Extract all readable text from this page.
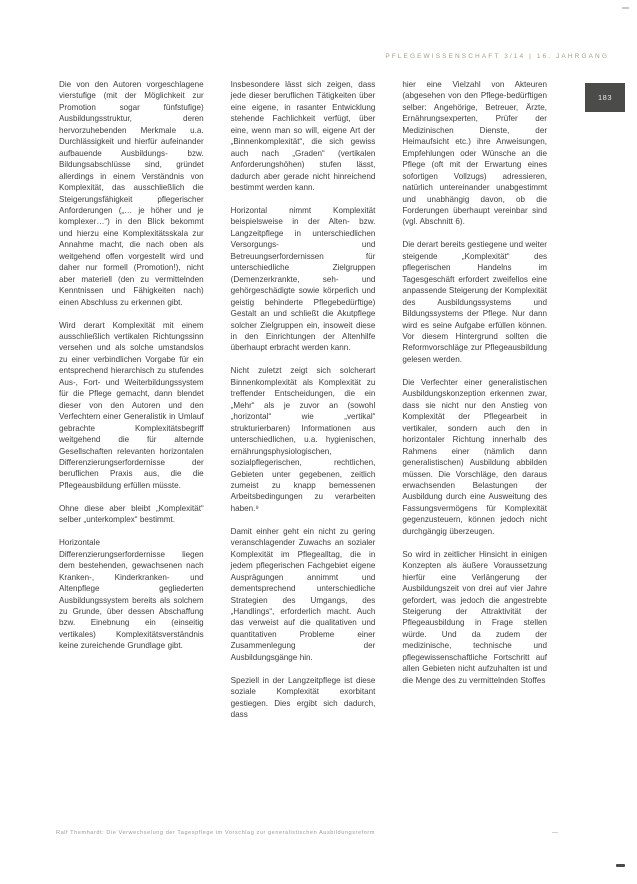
PFLEGEWISSENSCHAFT 3/14 | 16. JAHRGANG
183

Die von den Autoren vorgeschlagene vierstufige (mit der Möglichkeit zur Promotion sogar fünfstufige) Ausbildungsstruktur, deren hervorzuhebenden Merkmale u.a. Durchlässigkeit und hierfür aufeinander aufbauende Ausbildungs- bzw. Bildungsabschlüsse sind, gründet allerdings in einem Verständnis von Komplexität, das ausschließlich die Steigerungsfähigkeit pflegerischer Anforderungen („… je höher und je komplexer…“) in den Blick bekommt und hierzu eine Komplexitätsskala zur Annahme macht, die nach oben als weitgehend offen vorgestellt wird und daher nur formell (Promotion!), nicht aber materiell (den zu vermittelnden Kenntnissen und Fähigkeiten nach) einen Abschluss zu erkennen gibt.

Wird derart Komplexität mit einem ausschließlich vertikalen Richtungssinn versehen und als solche umstandslos zu einer verbindlichen Vorgabe für ein entsprechend hierarchisch zu stufendes Aus-, Fort- und Weiterbildungssystem für die Pflege gemacht, dann blendet dieser von den Autoren und den Verfechtern einer Generalistik in Umlauf gebrachte Komplexitätsbegriff weitgehend die für alternde Gesellschaften relevanten horizontalen Differenzierungserfordernisse der beruflichen Praxis aus, die die Pflegeausbildung erfüllen müsste.

Ohne diese aber bleibt „Komplexität“ selber „unterkomplex“ bestimmt.

Horizontale Differenzierungserfordernisse liegen dem bestehenden, gewachsenen nach Kranken-, Kinderkranken- und Altenpflege gegliederten Ausbildungssystem bereits als solchem zu Grunde, über dessen Abschaffung bzw. Einebnung ein (einseitig vertikales) Komplexitätsverständnis keine zureichende Grundlage gibt.

Insbesondere lässt sich zeigen, dass jede dieser beruflichen Tätigkeiten über eine eigene, in rasanter Entwicklung stehende Fachlichkeit verfügt, über eine, wenn man so will, eigene Art der „Binnenkomplexität“, die sich gewiss auch nach „Graden“ (vertikalen Anforderungshöhen) stufen lässt, dadurch aber gerade nicht hinreichend bestimmt werden kann.

Horizontal nimmt Komplexität beispielsweise in der Alten- bzw. Langzeitpflege in unterschiedlichen Versorgungs- und Betreuungserfordernissen für unterschiedliche Zielgruppen (Demenzerkrankte, seh- und gehörgeschädigte sowie körperlich und geistig behinderte Pflegebedürftige) Gestalt an und schließt die Akutpflege solcher Zielgruppen ein, insoweit diese in den Einrichtungen der Altenhilfe überhaupt erbracht werden kann.

Nicht zuletzt zeigt sich solcherart Binnenkomplexität als Komplexität zu treffender Entscheidungen, die ein „Mehr“ als je zuvor an (sowohl „horizontal“ wie „vertikal“ strukturierbaren) Informationen aus unterschiedlichen, u.a. hygienischen, ernährungsphysiologischen, sozialpflegerischen, rechtlichen, Gebieten unter gegebenen, zeitlich zumeist zu knapp bemessenen Arbeitsbedingungen zu verarbeiten haben.⁹

Damit einher geht ein nicht zu gering veranschlagender Zuwachs an sozialer Komplexität im Pflegealltag, die in jedem pflegerischen Fachgebiet eigene Ausprägungen annimmt und dementsprechend unterschiedliche Strategien des Umgangs, des „Handlings“, erforderlich macht. Auch das verweist auf die qualitativen und quantitativen Probleme einer Zusammenlegung der Ausbildungsgänge hin.

Speziell in der Langzeitpflege ist diese soziale Komplexität exorbitant gestiegen. Dies ergibt sich dadurch, dass

hier eine Vielzahl von Akteuren (abgesehen von den Pflege-bedürftigen selber: Angehörige, Betreuer, Ärzte, Ernährungsexperten, Prüfer der Medizinischen Dienste, der Heimaufsicht etc.) ihre Anweisungen, Empfehlungen oder Wünsche an die Pflege (oft mit der Erwartung eines sofortigen Vollzugs) adressieren, natürlich untereinander unabgestimmt und unabhängig davon, ob die Forderungen überhaupt vereinbar sind (vgl. Abschnitt 6).

Die derart bereits gestiegene und weiter steigende „Komplexität“ des pflegerischen Handelns im Tagesgeschäft erfordert zweifellos eine anpassende Steigerung der Komplexität des Ausbildungssystems und Bildungssystems der Pflege. Nur dann wird es seine Aufgabe erfüllen können. Vor diesem Hintergrund sollten die Reformvorschläge zur Pflegeausbildung gelesen werden.

Die Verfechter einer generalistischen Ausbildungskonzeption erkennen zwar, dass sie nicht nur den Anstieg von Komplexität der Pflegearbeit in vertikaler, sondern auch den in horizontaler Richtung innerhalb des Rahmens einer (nämlich dann generalistischen) Ausbildung abbilden müssen. Die Vorschläge, den daraus erwachsenden Belastungen der Ausbildung durch eine Ausweitung des Fassungsvermögens für Komplexität gegenzusteuern, können jedoch nicht durchgängig überzeugen.

So wird in zeitlicher Hinsicht in einigen Konzepten als äußere Voraussetzung hierfür eine Verlängerung der Ausbildungszeit von drei auf vier Jahre gefordert, was jedoch die angestrebte Steigerung der Attraktivität der Pflegeausbildung in Frage stellen würde. Und da zudem der medizinische, technische und pflegewissenschaftliche Fortschritt auf allen Gebieten nicht aufzuhalten ist und die Menge des zu vermittelnden Stoffes

Ralf Themhardt: Die Verwechselung der Tagespflege im Vorschlag zur generalistischen Ausbildungsreform	—
